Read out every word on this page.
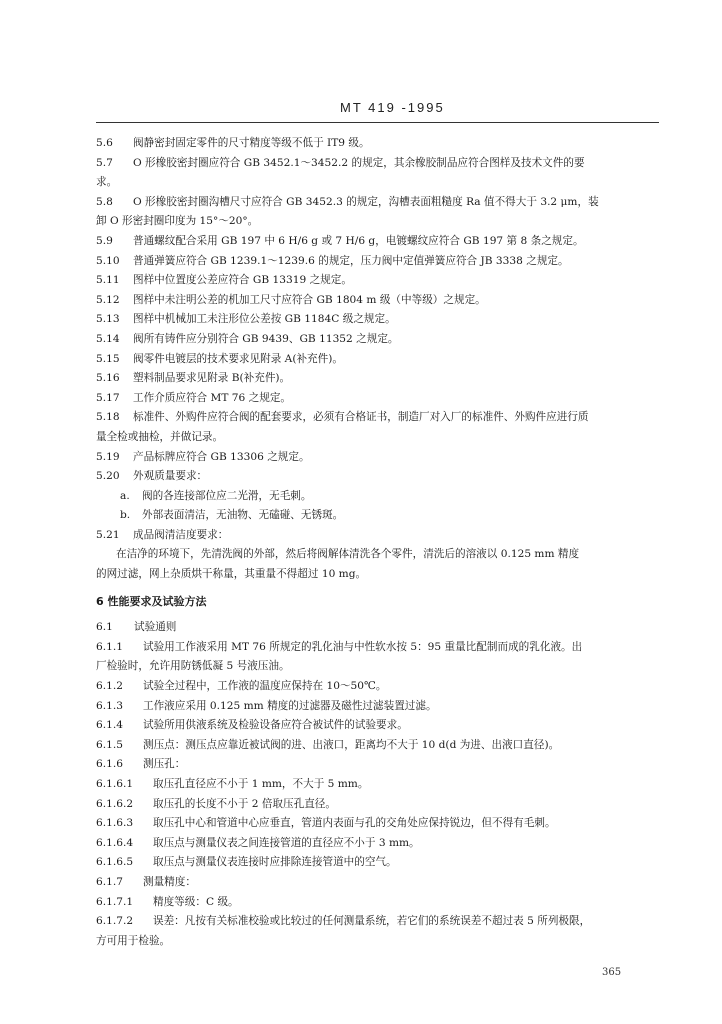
MT 419 -1995
5.6 阀静密封固定零件的尺寸精度等级不低于 IT9 级。
5.7 O 形橡胶密封圈应符合 GB 3452.1～3452.2 的规定，其余橡胶制品应符合图样及技术文件的要
求。
5.8 O 形橡胶密封圈沟槽尺寸应符合 GB 3452.3 的规定，沟槽表面粗糙度 Ra 值不得大于 3.2 μm，装
卸 O 形密封圈印度为 15°～20°。
5.9 普通螺纹配合采用 GB 197 中 6 H/6 g 或 7 H/6 g，电镀螺纹应符合 GB 197 第 8 条之规定。
5.10 普通弹簧应符合 GB 1239.1～1239.6 的规定，压力阀中定值弹簧应符合 JB 3338 之规定。
5.11 图样中位置度公差应符合 GB 13319 之规定。
5.12 图样中未注明公差的机加工尺寸应符合 GB 1804 m 级（中等级）之规定。
5.13 图样中机械加工未注形位公差按 GB 1184C 级之规定。
5.14 阀所有铸件应分别符合 GB 9439、GB 11352 之规定。
5.15 阀零件电镀层的技术要求见附录 A(补充件)。
5.16 塑料制品要求见附录 B(补充件)。
5.17 工作介质应符合 MT 76 之规定。
5.18 标准件、外购件应符合阀的配套要求，必须有合格证书，制造厂对入厂的标准件、外购件应进行质
量全检或抽检，并做记录。
5.19 产品标牌应符合 GB 13306 之规定。
5.20 外观质量要求：
a. 阀的各连接部位应二光滑，无毛刺。
b. 外部表面清洁，无油物、无磕碰、无锈斑。
5.21 成品阀清洁度要求：
在洁净的环境下，先清洗阀的外部，然后将阀解体清洗各个零件，清洗后的溶液以 0.125 mm 精度
的网过滤，网上杂质烘干称量，其重量不得超过 10 mg。
6 性能要求及试验方法
6.1 试验通则
6.1.1 试验用工作液采用 MT 76 所规定的乳化油与中性软水按 5：95 重量比配制而成的乳化液。出
厂检验时，允许用防锈低凝 5 号液压油。
6.1.2 试验全过程中，工作液的温度应保持在 10～50℃。
6.1.3 工作液应采用 0.125 mm 精度的过滤器及磁性过滤装置过滤。
6.1.4 试验所用供液系统及检验设备应符合被试件的试验要求。
6.1.5 测压点：测压点应靠近被试阀的进、出液口，距离均不大于 10 d(d 为进、出液口直径)。
6.1.6 测压孔：
6.1.6.1 取压孔直径应不小于 1 mm，不大于 5 mm。
6.1.6.2 取压孔的长度不小于 2 倍取压孔直径。
6.1.6.3 取压孔中心和管道中心应垂直，管道内表面与孔的交角处应保持锐边，但不得有毛刺。
6.1.6.4 取压点与测量仪表之间连接管道的直径应不小于 3 mm。
6.1.6.5 取压点与测量仪表连接时应排除连接管道中的空气。
6.1.7 测量精度：
6.1.7.1 精度等级：C 级。
6.1.7.2 误差：凡按有关标准校验或比较过的任何测量系统，若它们的系统误差不超过表 5 所列极限，
方可用于检验。
365
